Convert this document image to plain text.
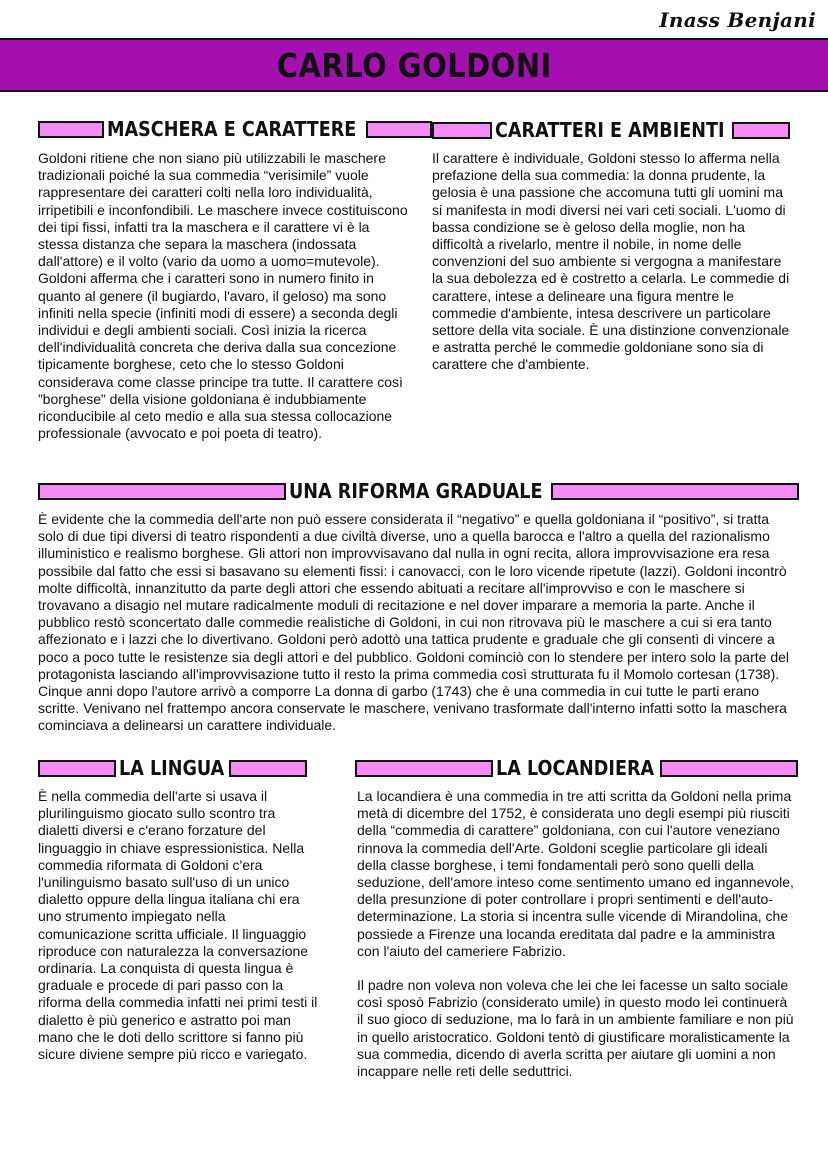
Inass Benjani
CARLO GOLDONI
MASCHERA E CARATTERE

Goldoni ritiene che non siano più utilizzabili le maschere tradizionali poiché la sua commedia “verisimile” vuole rappresentare dei caratteri colti nella loro individualità, irripetibili e inconfondibili. Le maschere invece costituiscono dei tipi fissi, infatti tra la maschera e il carattere vi è la stessa distanza che separa la maschera (indossata dall'attore) e il volto (vario da uomo a uomo=mutevole). Goldoni afferma che i caratteri sono in numero finito in quanto al genere (il bugiardo, l'avaro, il geloso) ma sono infiniti nella specie (infiniti modi di essere) a seconda degli individui e degli ambienti sociali. Così inizia la ricerca dell'individualità concreta che deriva dalla sua concezione tipicamente borghese, ceto che lo stesso Goldoni considerava come classe principe tra tutte. Il carattere così ”borghese” della visione goldoniana è indubbiamente riconducibile al ceto medio e alla sua stessa collocazione professionale (avvocato e poi poeta di teatro).

CARATTERI E AMBIENTI

Il carattere è individuale, Goldoni stesso lo afferma nella prefazione della sua commedia: la donna prudente, la gelosia è una passione che accomuna tutti gli uomini ma si manifesta in modi diversi nei vari ceti sociali. L'uomo di bassa condizione se è geloso della moglie, non ha difficoltà a rivelarlo, mentre il nobile, in nome delle convenzioni del suo ambiente si vergogna a manifestare la sua debolezza ed è costretto a celarla. Le commedie di carattere, intese a delineare una figura mentre le commedie d'ambiente, intesa descrivere un particolare settore della vita sociale. È una distinzione convenzionale e astratta perché le commedie goldoniane sono sia di carattere che d'ambiente.

UNA RIFORMA GRADUALE

È evidente che la commedia dell'arte non può essere considerata il “negativo” e quella goldoniana il “positivo”, si tratta solo di due tipi diversi di teatro rispondenti a due civiltà diverse, uno a quella barocca e l'altro a quella del razionalismo illuministico e realismo borghese. Gli attori non improvvisavano dal nulla in ogni recita, allora improvvisazione era resa possibile dal fatto che essi si basavano su elementi fissi: i canovacci, con le loro vicende ripetute (lazzi). Goldoni incontrò molte difficoltà, innanzitutto da parte degli attori che essendo abituati a recitare all'improvviso e con le maschere si trovavano a disagio nel mutare radicalmente moduli di recitazione e nel dover imparare a memoria la parte. Anche il pubblico restò sconcertato dalle commedie realistiche di Goldoni, in cui non ritrovava più le maschere a cui si era tanto affezionato e i lazzi che lo divertivano. Goldoni però adottò una tattica prudente e graduale che gli consentì di vincere a poco a poco tutte le resistenze sia degli attori e del pubblico. Goldoni cominciò con lo stendere per intero solo la parte del protagonista lasciando all'improvvisazione tutto il resto la prima commedia così strutturata fu il Momolo cortesan (1738). Cinque anni dopo l'autore arrivò a comporre La donna di garbo (1743) che è una commedia in cui tutte le parti erano scritte. Venivano nel frattempo ancora conservate le maschere, venivano trasformate dall'interno infatti sotto la maschera cominciava a delinearsi un carattere individuale.

LA LINGUA

È nella commedia dell'arte si usava il plurilinguismo giocato sullo scontro tra dialetti diversi e c'erano forzature del linguaggio in chiave espressionistica. Nella commedia riformata di Goldoni c'era l'unilinguismo basato sull'uso di un unico dialetto oppure della lingua italiana chi era uno strumento impiegato nella comunicazione scritta ufficiale. Il linguaggio riproduce con naturalezza la conversazione ordinaria. La conquista di questa lingua è graduale e procede di pari passo con la riforma della commedia infatti nei primi testi il dialetto è più generico e astratto poi man mano che le doti dello scrittore si fanno più sicure diviene sempre più ricco e variegato.

LA LOCANDIERA

La locandiera è una commedia in tre atti scritta da Goldoni nella prima metà di dicembre del 1752, è considerata uno degli esempi più riusciti della “commedia di carattere” goldoniana, con cui l'autore veneziano rinnova la commedia dell'Arte. Goldoni sceglie particolare gli ideali della classe borghese, i temi fondamentali però sono quelli della seduzione, dell'amore inteso come sentimento umano ed ingannevole, della presunzione di poter controllare i propri sentimenti e dell'auto-determinazione. La storia si incentra sulle vicende di Mirandolina, che possiede a Firenze una locanda ereditata dal padre e la amministra con l'aiuto del cameriere Fabrizio.

Il padre non voleva non voleva che lei che lei facesse un salto sociale così sposò Fabrizio (considerato umile) in questo modo lei continuerà il suo gioco di seduzione, ma lo farà in un ambiente familiare e non più in quello aristocratico. Goldoni tentò di giustificare moralisticamente la sua commedia, dicendo di averla scritta per aiutare gli uomini a non incappare nelle reti delle seduttrici.
